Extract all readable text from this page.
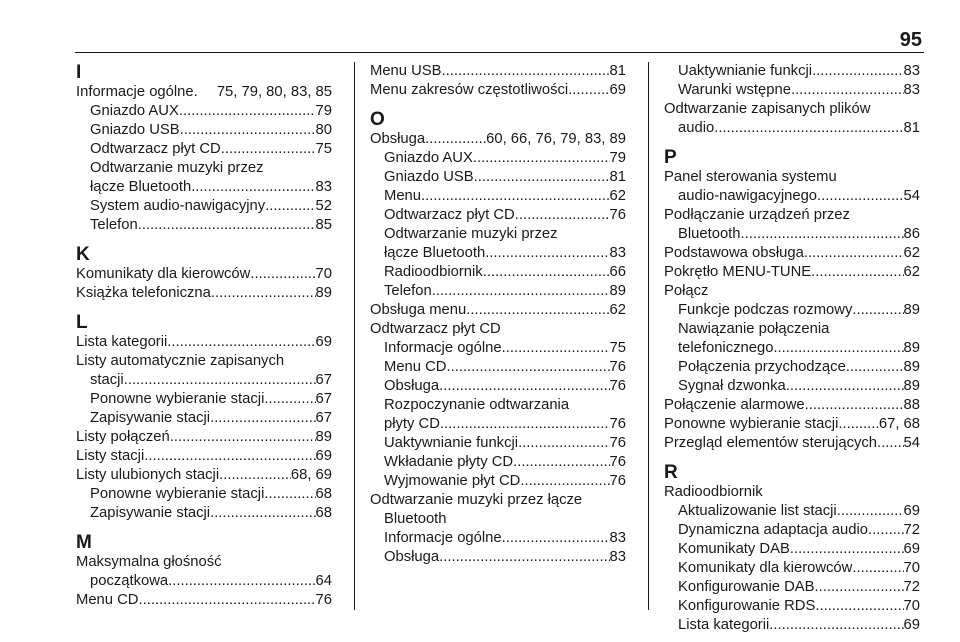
95
I
Informacje ogólne. 75, 79, 80, 83, 85
Gniazdo AUX .....	79
Gniazdo USB .....	80
Odtwarzacz płyt CD .....	75
Odtwarzanie muzyki przez
łącze Bluetooth .....	83
System audio-nawigacyjny .....	52
Telefon .....	85
K
Komunikaty dla kierowców .....	70
Książka telefoniczna .....	89
L
Lista kategorii .....	69
Listy automatycznie zapisanych
stacji .....	67
Ponowne wybieranie stacji .....	67
Zapisywanie stacji .....	67
Listy połączeń .....	89
Listy stacji .....	69
Listy ulubionych stacji .....	68, 69
Ponowne wybieranie stacji .....	68
Zapisywanie stacji .....	68
M
Maksymalna głośność
początkowa .....	64
Menu CD .....	76
Menu USB .....	81
Menu zakresów częstotliwości .....	69
O
Obsługa .....	60, 66, 76, 79, 83, 89
Gniazdo AUX .....	79
Gniazdo USB .....	81
Menu .....	62
Odtwarzacz płyt CD .....	76
Odtwarzanie muzyki przez
łącze Bluetooth .....	83
Radioodbiornik .....	66
Telefon .....	89
Obsługa menu .....	62
Odtwarzacz płyt CD
Informacje ogólne .....	75
Menu CD .....	76
Obsługa .....	76
Rozpoczynanie odtwarzania
płyty CD .....	76
Uaktywnianie funkcji .....	76
Wkładanie płyty CD .....	76
Wyjmowanie płyt CD .....	76
Odtwarzanie muzyki przez łącze
Bluetooth
Informacje ogólne .....	83
Obsługa .....	83
Uaktywnianie funkcji .....	83
Warunki wstępne .....	83
Odtwarzanie zapisanych plików
audio .....	81
P
Panel sterowania systemu
audio-nawigacyjnego .....	54
Podłączanie urządzeń przez
Bluetooth .....	86
Podstawowa obsługa .....	62
Pokrętło MENU-TUNE .....	62
Połącz
Funkcje podczas rozmowy .....	89
Nawiązanie połączenia
telefonicznego .....	89
Połączenia przychodzące .....	89
Sygnał dzwonka .....	89
Połączenie alarmowe .....	88
Ponowne wybieranie stacji .....	67, 68
Przegląd elementów sterujących ..... 54
R
Radioodbiornik
Aktualizowanie list stacji .....	69
Dynamiczna adaptacja audio ..... 72
Komunikaty DAB .....	69
Komunikaty dla kierowców .....	70
Konfigurowanie DAB .....	72
Konfigurowanie RDS .....	70
Lista kategorii .....	69
